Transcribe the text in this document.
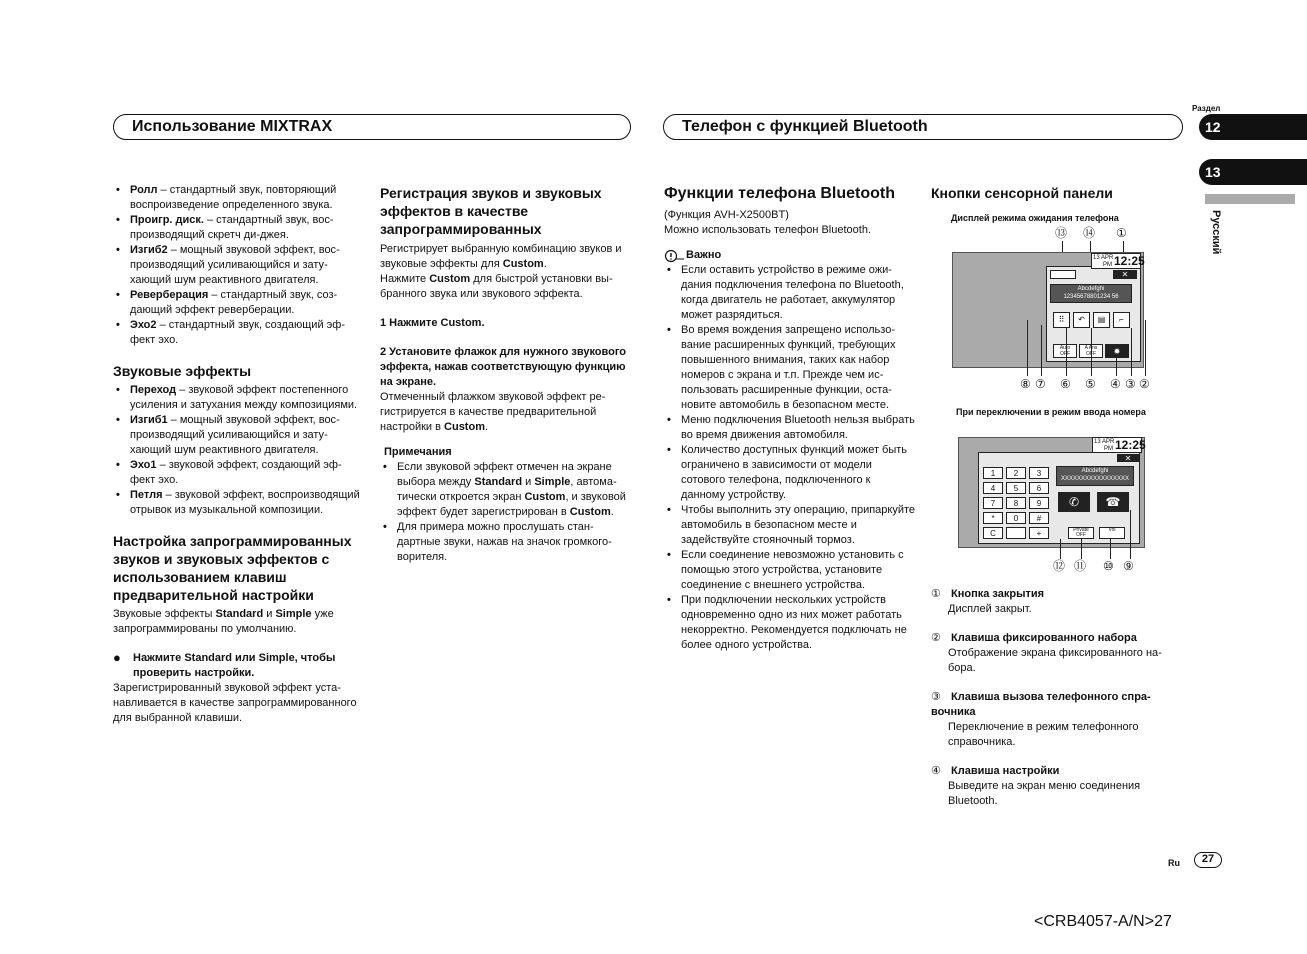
Использование MIXTRAX	Телефон с функцией Bluetooth
Раздел
12
13
Русский
• Ролл – стандартный звук, повторяющий воспроизведение определенного звука.
• Проигр. диск. – стандартный звук, воспроизводящий скретч ди-джея.
• Изгиб2 – мощный звуковой эффект, воспроизводящий усиливающийся и затухающий шум реактивного двигателя.
• Реверберация – стандартный звук, создающий эффект реверберации.
• Эхо2 – стандартный звук, создающий эффект эхо.
Звуковые эффекты
• Переход – звуковой эффект постепенного усиления и затухания между композициями.
• Изгиб1 – мощный звуковой эффект, воспроизводящий усиливающийся и затухающий шум реактивного двигателя.
• Эхо1 – звуковой эффект, создающий эффект эхо.
• Петля – звуковой эффект, воспроизводящий отрывок из музыкальной композиции.
Настройка запрограммированных звуков и звуковых эффектов с использованием клавиш предварительной настройки

Звуковые эффекты Standard и Simple уже запрограммированы по умолчанию.

● Нажмите Standard или Simple, чтобы проверить настройки.

Зарегистрированный звуковой эффект устанавливается в качестве запрограммированного для выбранной клавиши.

Регистрация звуков и звуковых эффектов в качестве запрограммированных

Регистрирует выбранную комбинацию звуков и звуковые эффекты для Custom.

Нажмите Custom для быстрой установки выбранного звука или звукового эффекта.

1 Нажмите Custom.

2 Установите флажок для нужного звукового эффекта, нажав соответствующую функцию на экране.

Отмеченный флажком звуковой эффект регистрируется в качестве предварительной настройки в Custom.

Примечания

• Если звуковой эффект отмечен на экране выбора между Standard и Simple, автоматически откроется экран Custom, и звуковой эффект будет зарегистрирован в Custom.
• Для примера можно прослушать стандартные звуки, нажав на значок громкоговорителя.
Функции телефона Bluetooth

(Функция AVH-X2500BT)

Можно использовать телефон Bluetooth.

Важно

• Если оставить устройство в режиме ожидания подключения телефона по Bluetooth, когда двигатель не работает, аккумулятор может разрядиться.
• Во время вождения запрещено использование расширенных функций, требующих повышенного внимания, таких как набор номеров с экрана и т.п. Прежде чем использовать расширенные функции, остановите автомобиль в безопасном месте.
• Меню подключения Bluetooth нельзя выбрать во время движения автомобиля.
• Количество доступных функций может быть ограничено в зависимости от модели сотового телефона, подключенного к данному устройству.
• Чтобы выполнить эту операцию, припаркуйте автомобиль в безопасном месте и задействуйте стояночный тормоз.
• Если соединение невозможно установить с помощью этого устройства, установите соединение с внешнего устройства.
• При подключении нескольких устройств одновременно одно из них может работать некорректно. Рекомендуется подключать не более одного устройства.
Кнопки сенсорной панели
Дисплей режима ожидания телефона
⑬ ⑭ ①
13 APR
PM 12:25
✕
Abcdefghi
12345678801234 56
⠿	↶	▤	⌐
Auto
OFF
A Ans
OFF	✹
⑧ ⑦ ⑥ ⑤ ④ ③ ②
При переключении в режим ввода номера
13 APR
PM 12:25
✕
1	2	3
4	5	6
7	8	9
*	0	#
C	+
Abcdefghi
XXXXXXXXXXXXXXXXX
✆	☎
Private
OFF
Vol
⑫ ⑪ ⑩ ⑨

① Кнопка закрытия

Дисплей закрыт.

② Клавиша фиксированного набора

Отображение экрана фиксированного набора.

③ Клавиша вызова телефонного справочника

Переключение в режим телефонного справочника.

④ Клавиша настройки

Выведите на экран меню соединения Bluetooth.

Ru	27
<CRB4057-A/N>27
